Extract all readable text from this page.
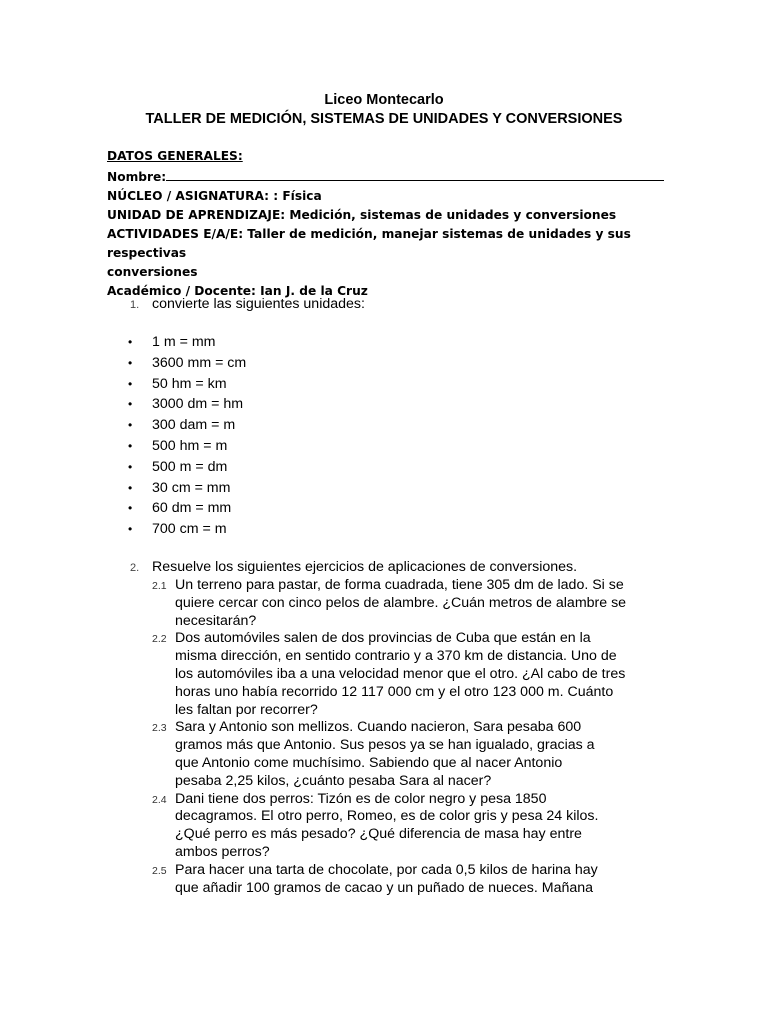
Liceo Montecarlo
TALLER DE MEDICIÓN, SISTEMAS DE UNIDADES Y CONVERSIONES
DATOS GENERALES:
Nombre:
NÚCLEO / ASIGNATURA: : Física
UNIDAD DE APRENDIZAJE: Medición, sistemas de unidades y conversiones
ACTIVIDADES E/A/E: Taller de medición, manejar sistemas de unidades y sus respectivas
conversiones
Académico / Docente: Ian J. de la Cruz
1. convierte las siguientes unidades:
• 1 m = mm
• 3600 mm = cm
• 50 hm = km
• 3000 dm = hm
• 300 dam = m
• 500 hm = m
• 500 m = dm
• 30 cm = mm
• 60 dm = mm
• 700 cm = m
2. Resuelve los siguientes ejercicios de aplicaciones de conversiones.
2.1 Un terreno para pastar, de forma cuadrada, tiene 305 dm de lado. Si se
quiere cercar con cinco pelos de alambre. ¿Cuán metros de alambre se
necesitarán?
2.2 Dos automóviles salen de dos provincias de Cuba que están en la
misma dirección, en sentido contrario y a 370 km de distancia. Uno de
los automóviles iba a una velocidad menor que el otro. ¿Al cabo de tres
horas uno había recorrido 12 117 000 cm y el otro 123 000 m. Cuánto
les faltan por recorrer?
2.3 Sara y Antonio son mellizos. Cuando nacieron, Sara pesaba 600
gramos más que Antonio. Sus pesos ya se han igualado, gracias a
que Antonio come muchísimo. Sabiendo que al nacer Antonio
pesaba 2,25 kilos, ¿cuánto pesaba Sara al nacer?
2.4 Dani tiene dos perros: Tizón es de color negro y pesa 1850
decagramos. El otro perro, Romeo, es de color gris y pesa 24 kilos.
¿Qué perro es más pesado? ¿Qué diferencia de masa hay entre
ambos perros?
2.5 Para hacer una tarta de chocolate, por cada 0,5 kilos de harina hay
que añadir 100 gramos de cacao y un puñado de nueces. Mañana
